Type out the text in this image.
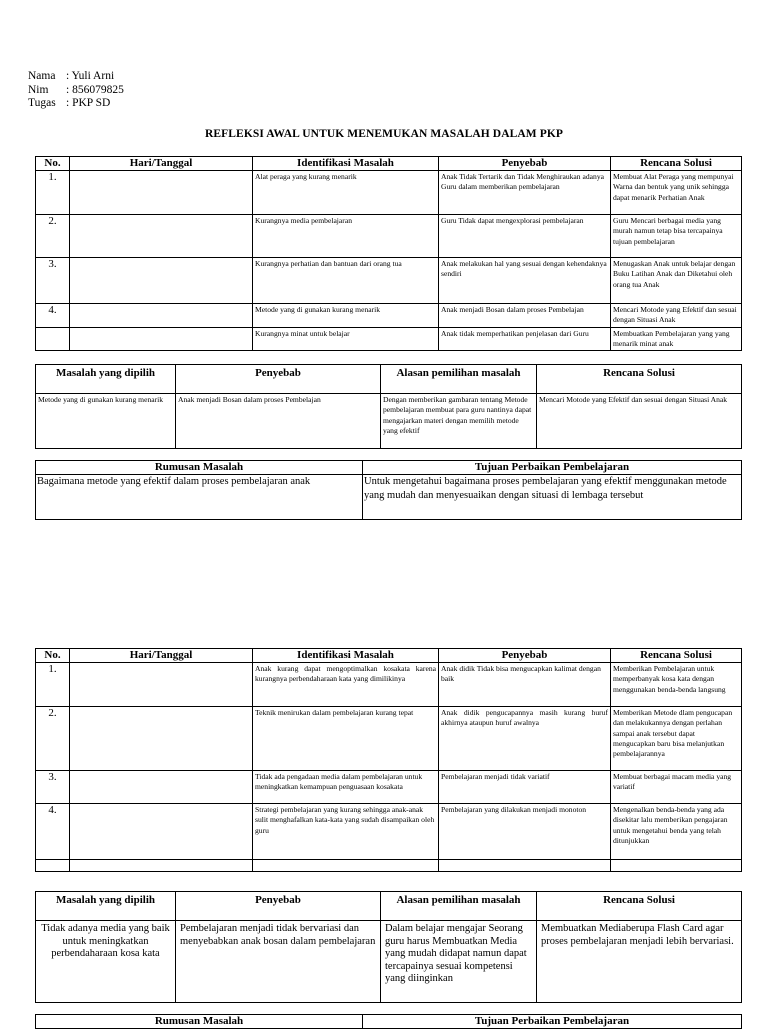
Nama : Yuli Arni
Nim	: 856079825
Tugas : PKP SD
REFLEKSI AWAL UNTUK MENEMUKAN MASALAH DALAM PKP
No.	Hari/Tanggal	Identifikasi Masalah	Penyebab	Rencana Solusi
1.		Alat peraga yang kurang menarik	Anak Tidak Tertarik dan Tidak Menghiraukan adanya Guru dalam memberikan pembelajaran	Membuat Alat Peraga yang mempunyai Warna dan bentuk yang unik sehingga dapat menarik Perhatian Anak
2.		Kurangnya media pembelajaran	Guru Tidak dapat mengexplorasi pembelajaran	Guru Mencari berbagai media yang murah namun tetap bisa tercapainya tujuan pembelajaran
3.		Kurangnya perhatian dan bantuan dari orang tua	Anak melakukan hal yang sesuai dengan kehendaknya sendiri	Menugaskan Anak untuk belajar dengan Buku Latihan Anak dan Diketahui oleh orang tua Anak
4.		Metode yang di gunakan kurang menarik	Anak menjadi Bosan dalam proses Pembelajan	Mencari Motode yang Efektif dan sesuai dengan Situasi Anak
		Kurangnya minat untuk belajar	Anak tidak memperhatikan penjelasan dari Guru	Membuatkan Pembelajaran yang yang menarik minat anak
Masalah yang dipilih	Penyebab	Alasan pemilihan masalah	Rencana Solusi
Metode yang di gunakan kurang menarik	Anak menjadi Bosan dalam proses Pembelajan	Dengan memberikan gambaran tentang Metode pembelajaran membuat para guru nantinya dapat mengajarkan materi dengan memilih metode yang efektif	Mencari Motode yang Efektif dan sesuai dengan Situasi Anak
Rumusan Masalah	Tujuan Perbaikan Pembelajaran
Bagaimana metode yang efektif dalam proses pembelajaran anak	Untuk mengetahui bagaimana proses pembelajaran yang efektif menggunakan metode yang mudah dan menyesuaikan dengan situasi di lembaga tersebut
No.	Hari/Tanggal	Identifikasi Masalah	Penyebab	Rencana Solusi
1.		Anak kurang dapat mengoptimalkan kosakata karena kurangnya perbendaharaan kata yang dimilikinya	Anak didik Tidak bisa mengucapkan kalimat dengan baik	Memberikan Pembelajaran untuk memperbanyak kosa kata dengan menggunakan benda-benda langsung
2.		Teknik menirukan dalam pembelajaran kurang tepat	Anak didik pengucapannya masih kurang huruf akhirnya ataupun huruf awalnya	Memberikan Metode dlam pengucapan dan melakukannya dengan perlahan sampai anak tersebut dapat mengucapkan baru bisa melanjutkan pembelajarannya
3.		Tidak ada pengadaan media dalam pembelajaran untuk meningkatkan kemampuan penguasaan kosakata	Pembelajaran menjadi tidak variatif	Membuat berbagai macam media yang variatif
4.		Strategi pembelajaran yang kurang sehingga anak-anak sulit menghafalkan kata-kata yang sudah disampaikan oleh guru	Pembelajaran yang dilakukan menjadi monoton	Mengenalkan benda-benda yang ada disekitar lalu memberikan pengajaran untuk mengetahui benda yang telah ditunjukkan

Masalah yang dipilih	Penyebab	Alasan pemilihan masalah	Rencana Solusi
Tidak adanya media yang baik untuk meningkatkan perbendaharaan kosa kata	Pembelajaran menjadi tidak bervariasi dan menyebabkan anak bosan dalam pembelajaran	Dalam belajar mengajar Seorang guru harus Membuatkan Media yang mudah didapat namun dapat tercapainya sesuai kompetensi yang diinginkan	Membuatkan Mediaberupa Flash Card agar proses pembelajaran menjadi lebih bervariasi.
Rumusan Masalah	Tujuan Perbaikan Pembelajaran
